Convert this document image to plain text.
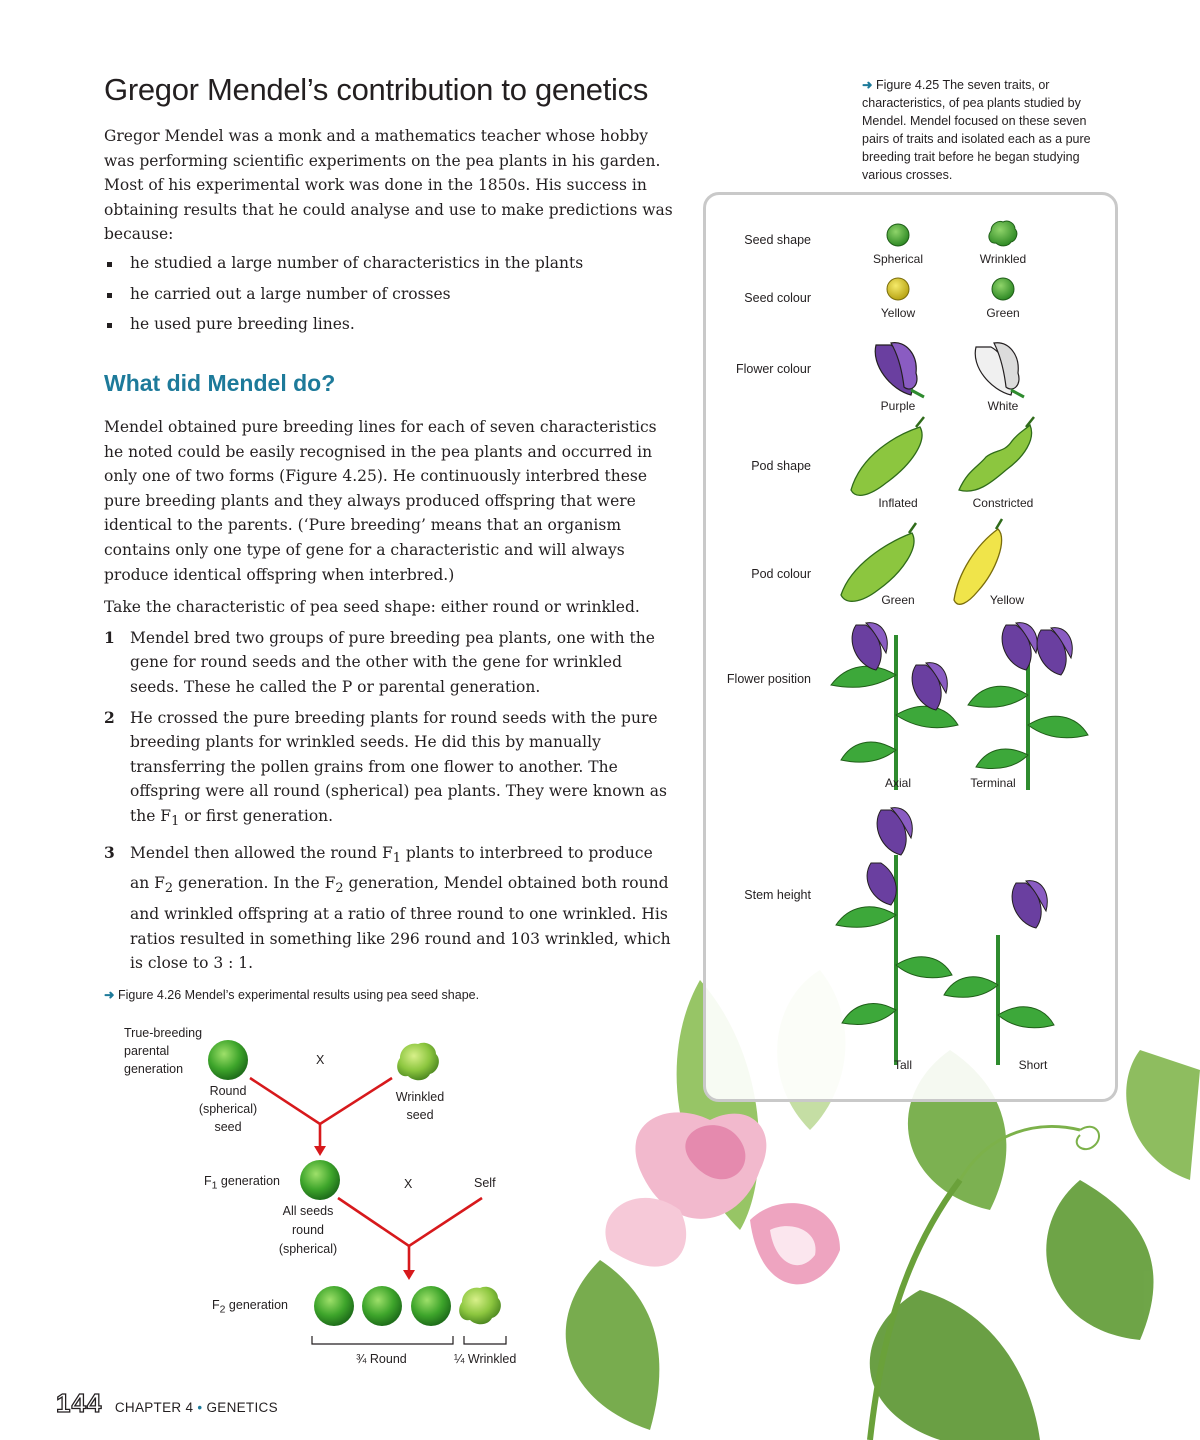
Gregor Mendel’s contribution to genetics

Gregor Mendel was a monk and a mathematics teacher whose hobby was performing scientific experiments on the pea plants in his garden. Most of his experimental work was done in the 1850s. His success in obtaining results that he could analyse and use to make predictions was because:

he studied a large number of characteristics in the plants
he carried out a large number of crosses
he used pure breeding lines.
What did Mendel do?

Mendel obtained pure breeding lines for each of seven characteristics he noted could be easily recognised in the pea plants and occurred in only one of two forms (Figure 4.25). He continuously interbred these pure breeding plants and they always produced offspring that were identical to the parents. (‘Pure breeding’ means that an organism contains only one type of gene for a characteristic and will always produce identical offspring when interbred.)

Take the characteristic of pea seed shape: either round or wrinkled.

1 Mendel bred two groups of pure breeding pea plants, one with the gene for round seeds and the other with the gene for wrinkled seeds. These he called the P or parental generation.
2 He crossed the pure breeding plants for round seeds with the pure breeding plants for wrinkled seeds. He did this by manually transferring the pollen grains from one flower to another. The offspring were all round (spherical) pea plants. They were known as the $F_1$ or first generation.
3 Mendel then allowed the round $F_1$ plants to interbreed to produce an $F_2$ generation. In the $F_2$ generation, Mendel obtained both round and wrinkled offspring at a ratio of three round to one wrinkled. His ratios resulted in something like 296 round and 103 wrinkled, which is close to 3 : 1.
➜ Figure 4.26 Mendel’s experimental results using pea seed shape.
True-breeding parental generation
Round (spherical) seed
X
Wrinkled seed
$F_1$ generation	X	Self
All seeds round (spherical)
$F_2$ generation
¾ Round	¼ Wrinkled
➜ Figure 4.25 The seven traits, or characteristics, of pea plants studied by Mendel. Mendel focused on these seven pairs of traits and isolated each as a pure breeding trait before he began studying various crosses.
Seed shape
Spherical	Wrinkled
Seed colour
Yellow	Green
Flower colour
Purple	White
Pod shape
Inflated	Constricted
Pod colour
Green	Yellow
Flower position
Axial	Terminal
Stem height
Tall	Short
144 CHAPTER 4 • GENETICS
